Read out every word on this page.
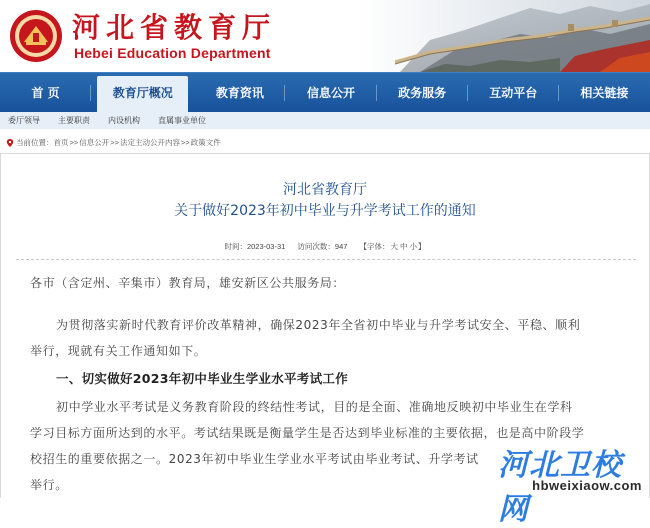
河北省教育厅
Hebei Education Department
首 页	教育厅概况	教育资讯	信息公开	政务服务	互动平台	相关链接
委厅领导 主要职责 内设机构 直属事业单位
当前位置： 首页 >> 信息公开 >> 法定主动公开内容 >> 政策文件
河北省教育厅
关于做好2023年初中毕业与升学考试工作的通知
时间：2023-03-31 访问次数：947 【字体：大 中 小】
各市（含定州、辛集市）教育局，雄安新区公共服务局：
为贯彻落实新时代教育评价改革精神，确保2023年全省初中毕业与升学考试安全、平稳、顺利
举行，现就有关工作通知如下。
一、切实做好2023年初中毕业生学业水平考试工作
初中学业水平考试是义务教育阶段的终结性考试，目的是全面、准确地反映初中毕业生在学科
学习目标方面所达到的水平。考试结果既是衡量学生是否达到毕业标准的主要依据，也是高中阶段学
校招生的重要依据之一。2023年初中毕业生学业水平考试由毕业考试、升学考试
举行。
河北卫校网
hbweixiaow.com
